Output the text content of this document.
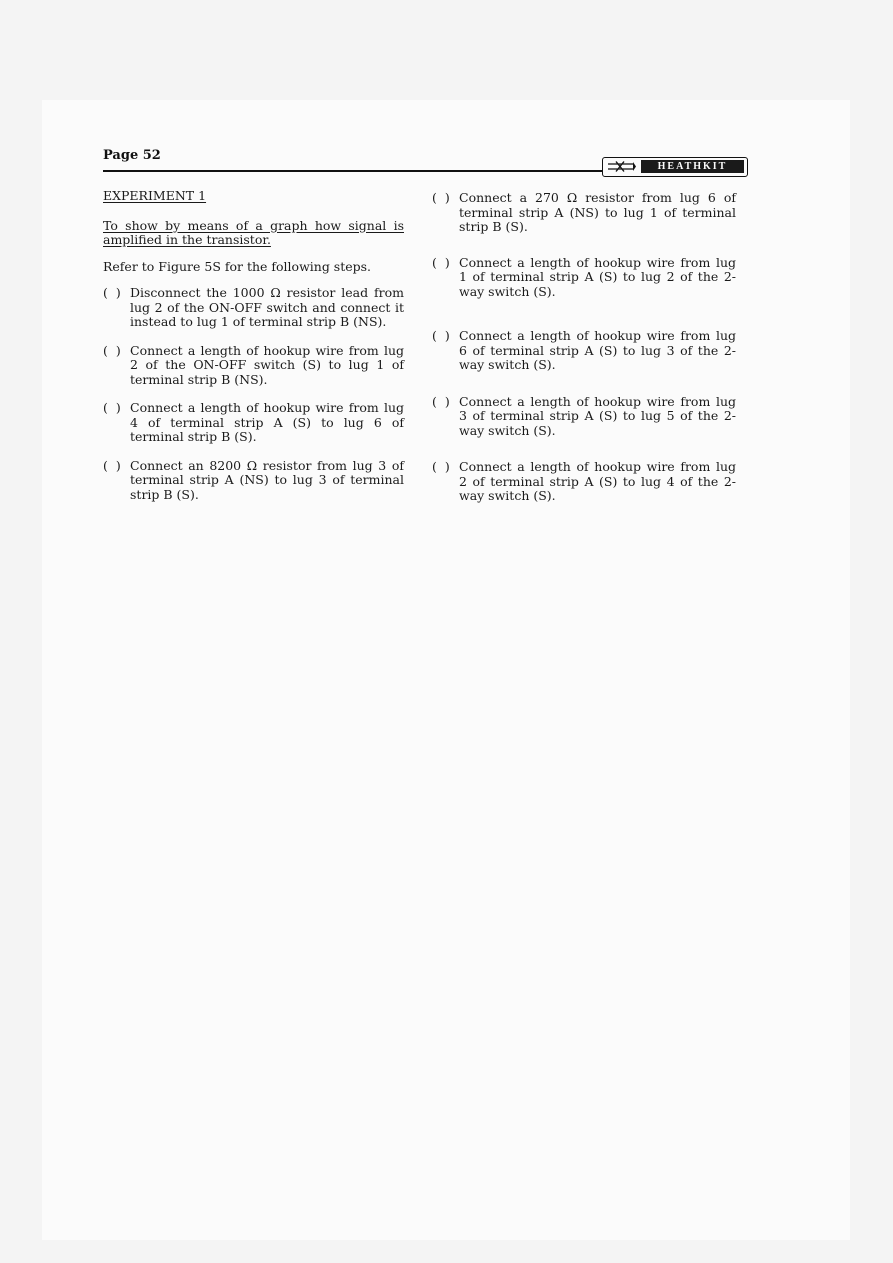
Page 52
HEATHKIT
EXPERIMENT 1
To show by means of a graph how signal is amplified in the transistor.
Refer to Figure 5S for the following steps.
(  ) Disconnect the 1000 Ω resistor lead from lug 2 of the ON-OFF switch and connect it instead to lug 1 of terminal strip B (NS).
(  ) Connect a length of hookup wire from lug 2 of the ON-OFF switch (S) to lug 1 of terminal strip B (NS).
(  ) Connect a length of hookup wire from lug 4 of terminal strip A (S) to lug 6 of terminal strip B (S).
(  ) Connect an 8200 Ω resistor from lug 3 of terminal strip A (NS) to lug 3 of terminal strip B (S).
(  ) Connect a 270 Ω resistor from lug 6 of terminal strip A (NS) to lug 1 of terminal strip B (S).
(  ) Connect a length of hookup wire from lug 1 of terminal strip A (S) to lug 2 of the 2-way switch (S).
(  ) Connect a length of hookup wire from lug 6 of terminal strip A (S) to lug 3 of the 2-way switch (S).
(  ) Connect a length of hookup wire from lug 3 of terminal strip A (S) to lug 5 of the 2-way switch (S).
(  ) Connect a length of hookup wire from lug 2 of terminal strip A (S) to lug 4 of the 2-way switch (S).
